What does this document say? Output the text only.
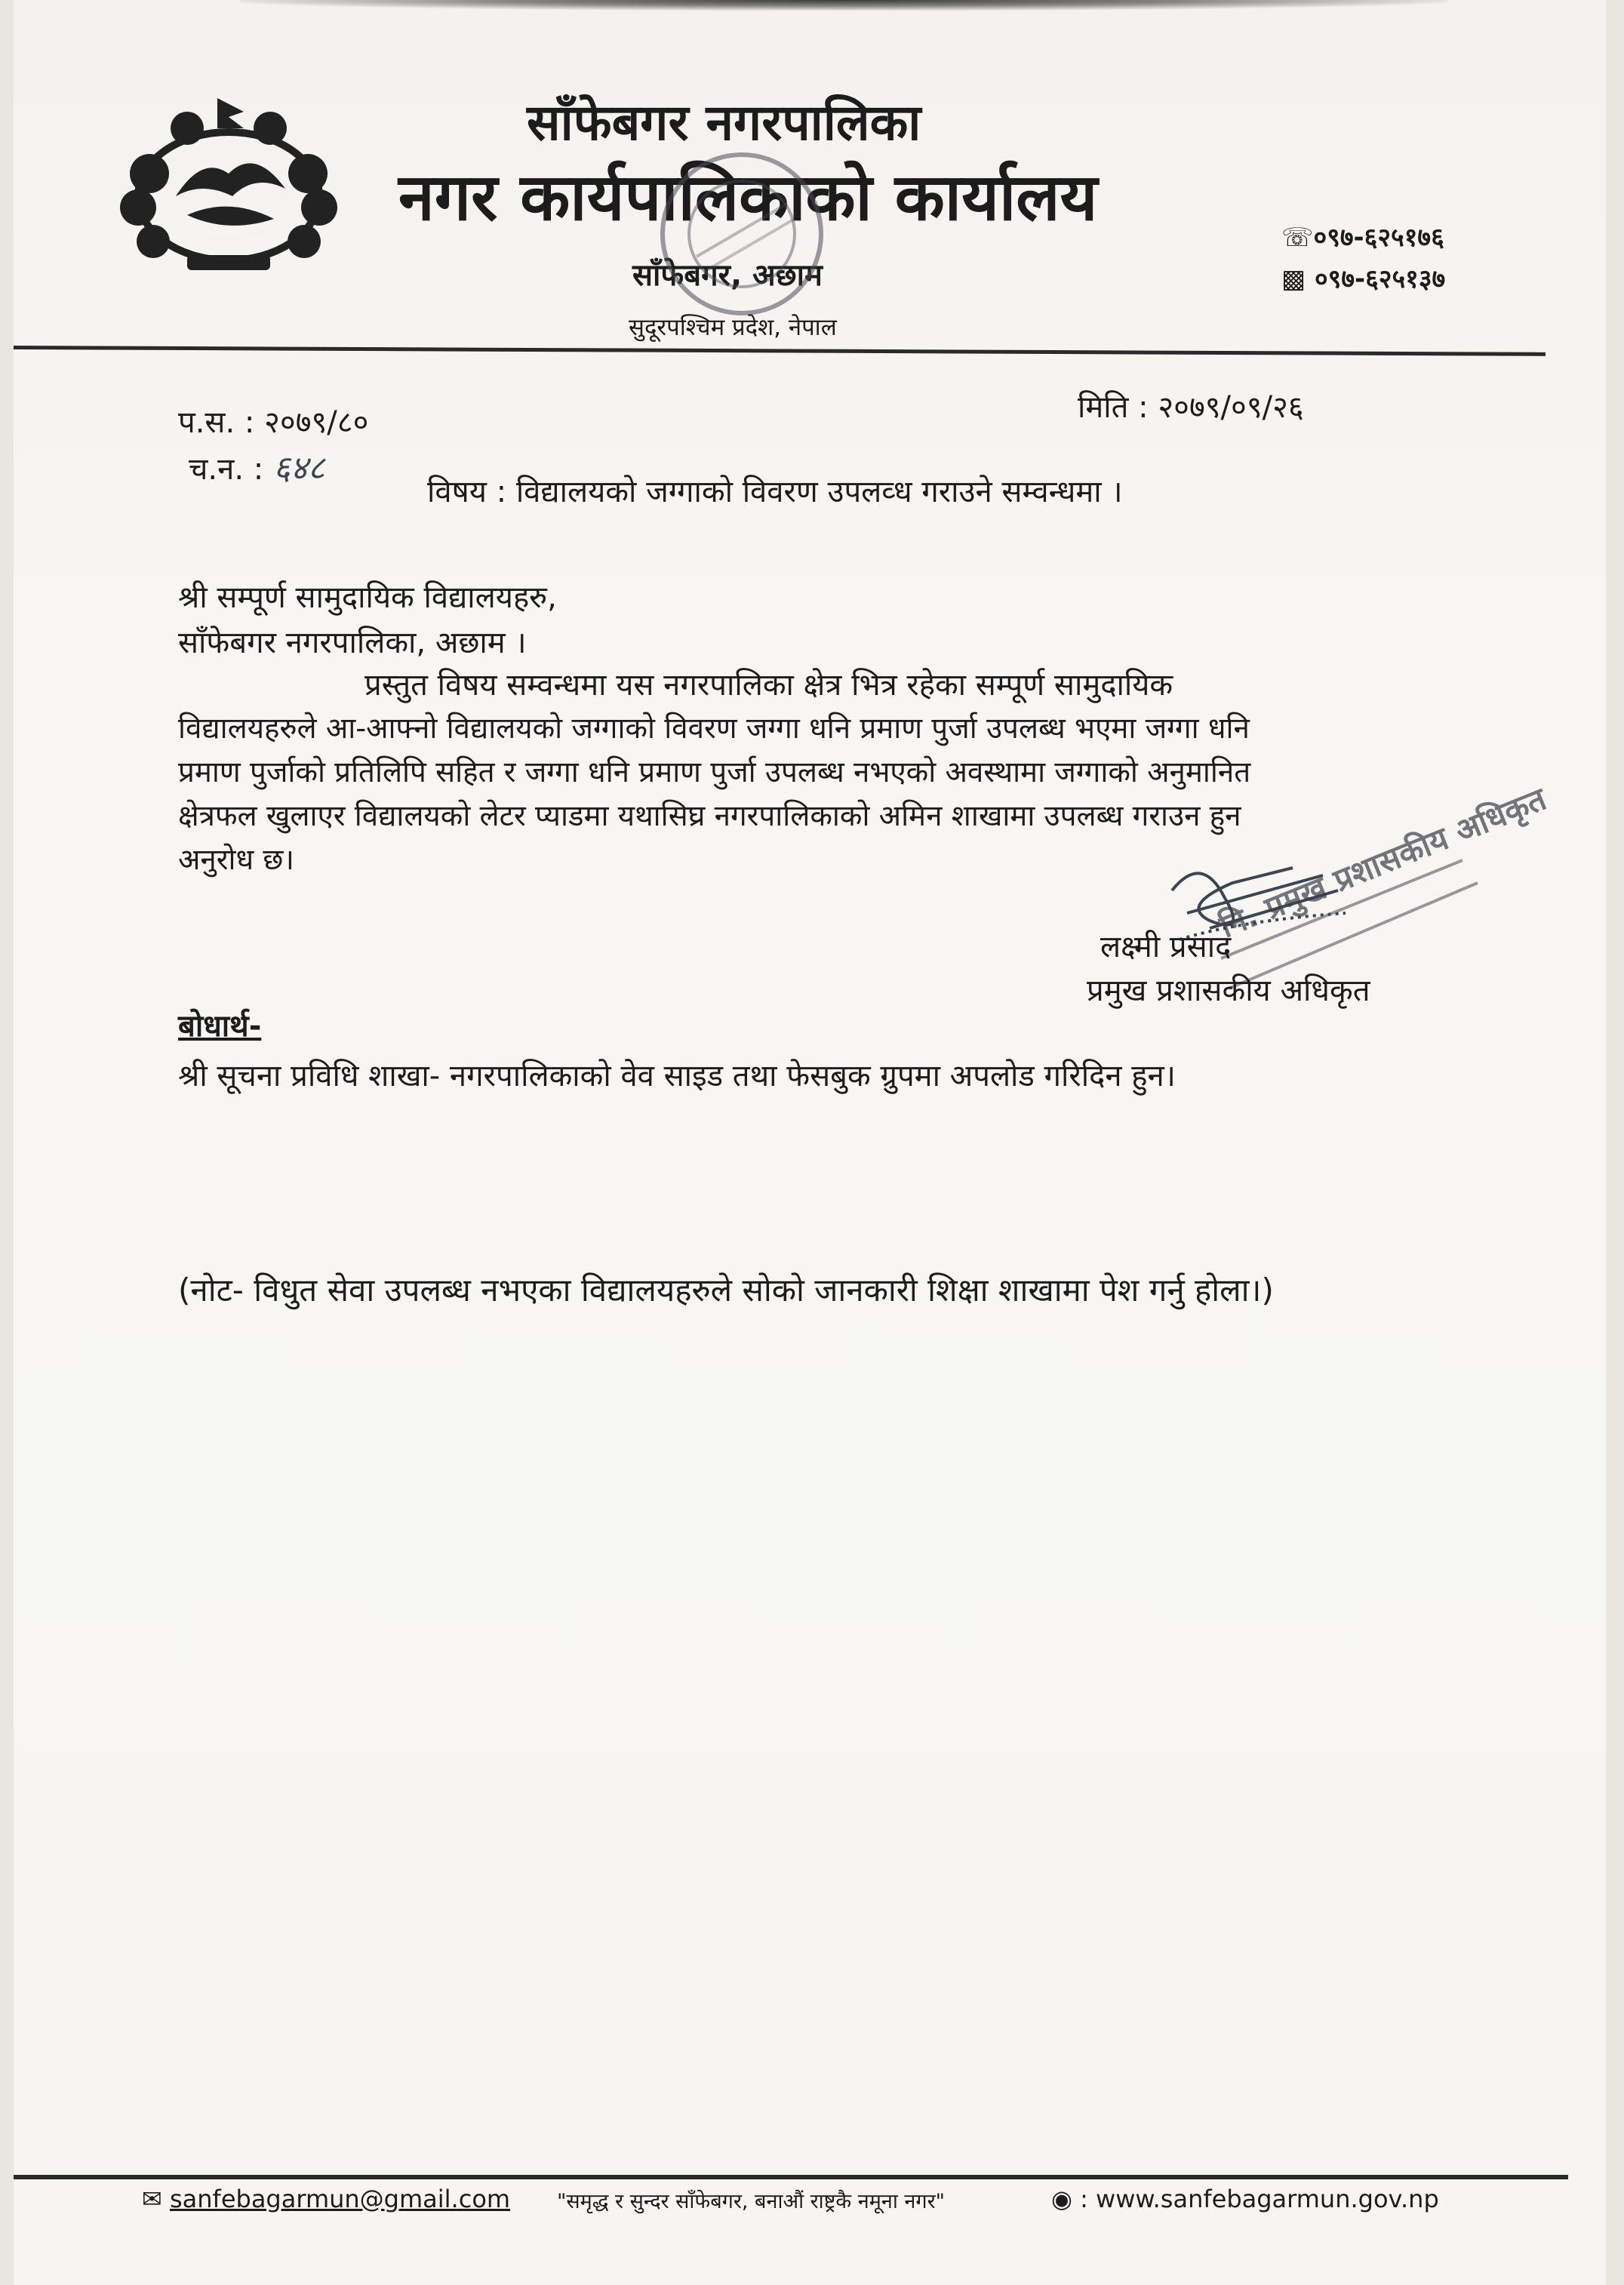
साँफेबगर नगरपालिका
नगर कार्यपालिकाको कार्यालय
साँफेबगर, अछाम
सुदूरपश्चिम प्रदेश, नेपाल
☏०९७-६२५१७६
▩ ०९७-६२५१३७
प.स. : २०७९/८०
च.न. : ६४८
मिति : २०७९/०९/२६
विषय : विद्यालयको जग्गाको विवरण उपलव्ध गराउने सम्वन्धमा ।
श्री सम्पूर्ण सामुदायिक विद्यालयहरु,
साँफेबगर नगरपालिका, अछाम ।
प्रस्तुत विषय सम्वन्धमा यस नगरपालिका क्षेत्र भित्र रहेका सम्पूर्ण सामुदायिक
विद्यालयहरुले आ-आफ्नो विद्यालयको जग्गाको विवरण जग्गा धनि प्रमाण पुर्जा उपलब्ध भएमा जग्गा धनि
प्रमाण पुर्जाको प्रतिलिपि सहित र जग्गा धनि प्रमाण पुर्जा उपलब्ध नभएको अवस्थामा जग्गाको अनुमानित
क्षेत्रफल खुलाएर विद्यालयको लेटर प्याडमा यथासिघ्र नगरपालिकाको अमिन शाखामा उपलब्ध गराउन हुन
अनुरोध छ।
लक्ष्मी प्रसाद
प्रमुख प्रशासकीय अधिकृत
नि. प्रमुख प्रशासकीय अधिकृत
बोधार्थ-
श्री सूचना प्रविधि शाखा- नगरपालिकाको वेव साइड तथा फेसबुक ग्रुपमा अपलोड गरिदिन हुन।
(नोट- विधुत सेवा उपलब्ध नभएका विद्यालयहरुले सोको जानकारी शिक्षा शाखामा पेश गर्नु होला।)
✉ sanfebagarmun@gmail.com "समृद्ध र सुन्दर साँफेबगर, बनाऔं राष्ट्रकै नमूना नगर"	◉ : www.sanfebagarmun.gov.np
